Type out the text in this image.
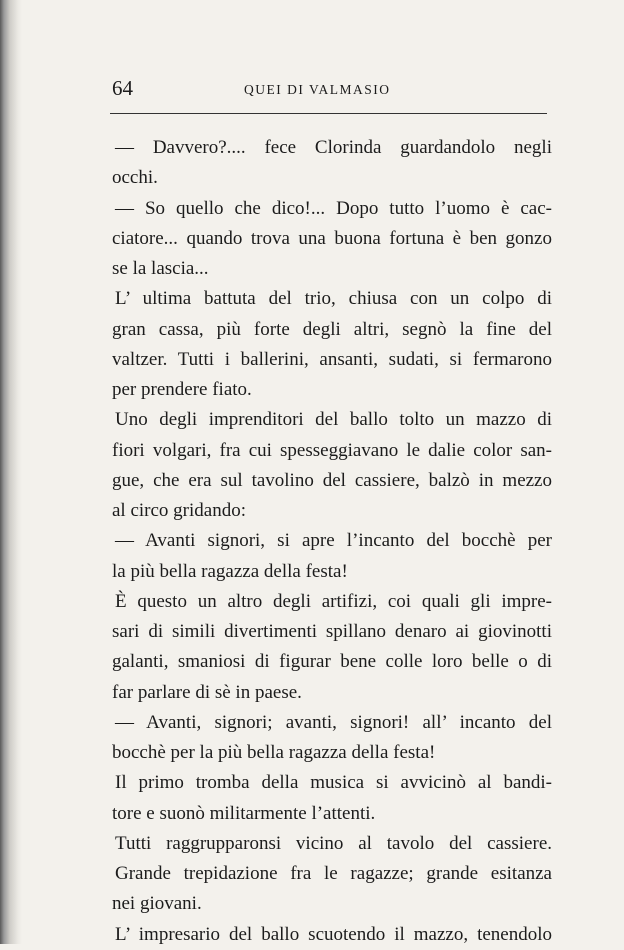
64	QUEI DI VALMASIO
— Davvero?.... fece Clorinda guardandolo negli
occhi.
— So quello che dico!... Dopo tutto l’uomo è cac-
ciatore... quando trova una buona fortuna è ben gonzo
se la lascia...
L’ ultima battuta del trio, chiusa con un colpo di
gran cassa, più forte degli altri, segnò la fine del
valtzer. Tutti i ballerini, ansanti, sudati, si fermarono
per prendere fiato.
Uno degli imprenditori del ballo tolto un mazzo di
fiori volgari, fra cui spesseggiavano le dalie color san-
gue, che era sul tavolino del cassiere, balzò in mezzo
al circo gridando:
— Avanti signori, si apre l’incanto del bocchè per
la più bella ragazza della festa!
È questo un altro degli artifizi, coi quali gli impre-
sari di simili divertimenti spillano denaro ai giovinotti
galanti, smaniosi di figurar bene colle loro belle o di
far parlare di sè in paese.
— Avanti, signori; avanti, signori! all’ incanto del
bocchè per la più bella ragazza della festa!
Il primo tromba della musica si avvicinò al bandi-
tore e suonò militarmente l’attenti.
Tutti raggrupparonsi vicino al tavolo del cassiere.
Grande trepidazione fra le ragazze; grande esitanza
nei giovani.
L’ impresario del ballo scuotendo il mazzo, tenendolo
